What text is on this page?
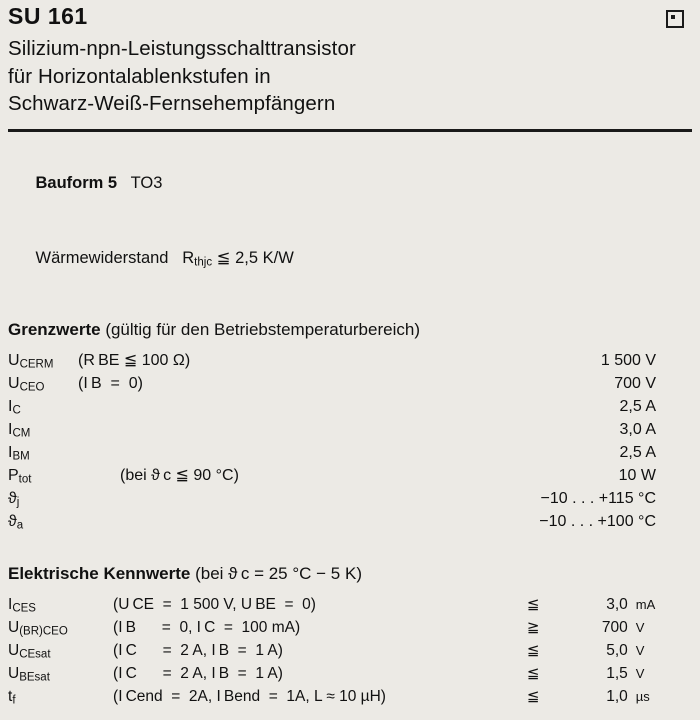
SU 161
Silizium-npn-Leistungsschalttransistor
für Horizontalablenkstufen in
Schwarz-Weiß-Fernsehempfängern

Bauform 5 TO3

Wärmewiderstand $R_{thjc}$ ≦ 2,5 K/W

Grenzwerte (gültig für den Betriebstemperaturbereich)
$U_{CERM}$	(R BE ≦ 100 Ω)	1 500 V
$U_{CEO}$	(I B  =  0)	700 V
$I_C$		2,5 A
$I_{CM}$		3,0 A
$I_{BM}$		2,5 A
$P_{tot}$	(bei ϑ c ≦ 90 °C)	10 W
$ϑ_j$		−10 . . . +115 °C
$ϑ_a$		−10 . . . +100 °C
Elektrische Kennwerte (bei ϑ c = 25 °C − 5 K)
$I_{CES}$	(U CE  =  1 500 V, U BE  =  0)	≦	3,0	mA
$U_{(BR)CEO}$	(I B      =  0, I C  =  100 mA)	≧	700	V
$U_{CEsat}$	(I C      =  2 A, I B  =  1 A)	≦	5,0	V
$U_{BEsat}$	(I C      =  2 A, I B  =  1 A)	≦	1,5	V
$t_f$	(I Cend  =  2A, I Bend  =  1A, L ≈ 10 µH)	≦	1,0	µs
